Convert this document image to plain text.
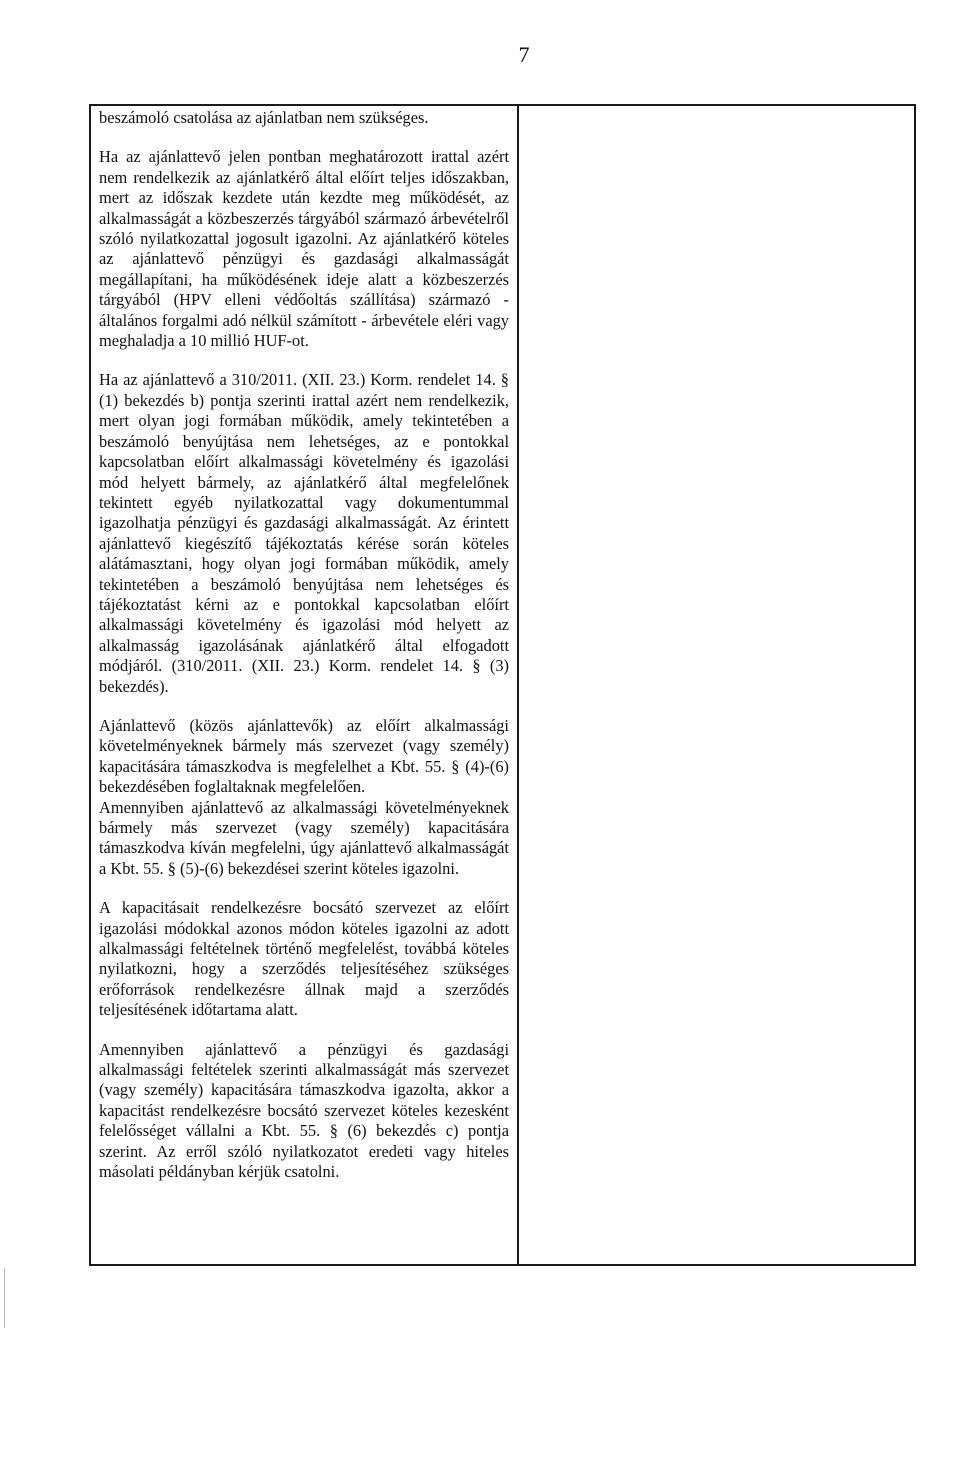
7

beszámoló csatolása az ajánlatban nem szükséges.

Ha az ajánlattevő jelen pontban meghatározott irattal azért nem rendelkezik az ajánlatkérő által előírt teljes időszakban, mert az időszak kezdete után kezdte meg működését, az alkalmasságát a közbeszerzés tárgyából származó árbevételről szóló nyilatkozattal jogosult igazolni. Az ajánlatkérő köteles az ajánlattevő pénzügyi és gazdasági alkalmasságát megállapítani, ha működésének ideje alatt a közbeszerzés tárgyából (HPV elleni védőoltás szállítása) származó - általános forgalmi adó nélkül számított - árbevétele eléri vagy meghaladja a 10 millió HUF-ot.

Ha az ajánlattevő a 310/2011. (XII. 23.) Korm. rendelet 14. § (1) bekezdés b) pontja szerinti irattal azért nem rendelkezik, mert olyan jogi formában működik, amely tekintetében a beszámoló benyújtása nem lehetséges, az e pontokkal kapcsolatban előírt alkalmassági követelmény és igazolási mód helyett bármely, az ajánlatkérő által megfelelőnek tekintett egyéb nyilatkozattal vagy dokumentummal igazolhatja pénzügyi és gazdasági alkalmasságát. Az érintett ajánlattevő kiegészítő tájékoztatás kérése során köteles alátámasztani, hogy olyan jogi formában működik, amely tekintetében a beszámoló benyújtása nem lehetséges és tájékoztatást kérni az e pontokkal kapcsolatban előírt alkalmassági követelmény és igazolási mód helyett az alkalmasság igazolásának ajánlatkérő által elfogadott módjáról. (310/2011. (XII. 23.) Korm. rendelet 14. § (3) bekezdés).

Ajánlattevő (közös ajánlattevők) az előírt alkalmassági követelményeknek bármely más szervezet (vagy személy) kapacitására támaszkodva is megfelelhet a Kbt. 55. § (4)-(6) bekezdésében foglaltaknak megfelelően.

Amennyiben ajánlattevő az alkalmassági követelményeknek bármely más szervezet (vagy személy) kapacitására támaszkodva kíván megfelelni, úgy ajánlattevő alkalmasságát a Kbt. 55. § (5)-(6) bekezdései szerint köteles igazolni.

A kapacitásait rendelkezésre bocsátó szervezet az előírt igazolási módokkal azonos módon köteles igazolni az adott alkalmassági feltételnek történő megfelelést, továbbá köteles nyilatkozni, hogy a szerződés teljesítéséhez szükséges erőforrások rendelkezésre állnak majd a szerződés teljesítésének időtartama alatt.

Amennyiben ajánlattevő a pénzügyi és gazdasági alkalmassági feltételek szerinti alkalmasságát más szervezet (vagy személy) kapacitására támaszkodva igazolta, akkor a kapacitást rendelkezésre bocsátó szervezet köteles kezesként felelősséget vállalni a Kbt. 55. § (6) bekezdés c) pontja szerint. Az erről szóló nyilatkozatot eredeti vagy hiteles másolati példányban kérjük csatolni.
